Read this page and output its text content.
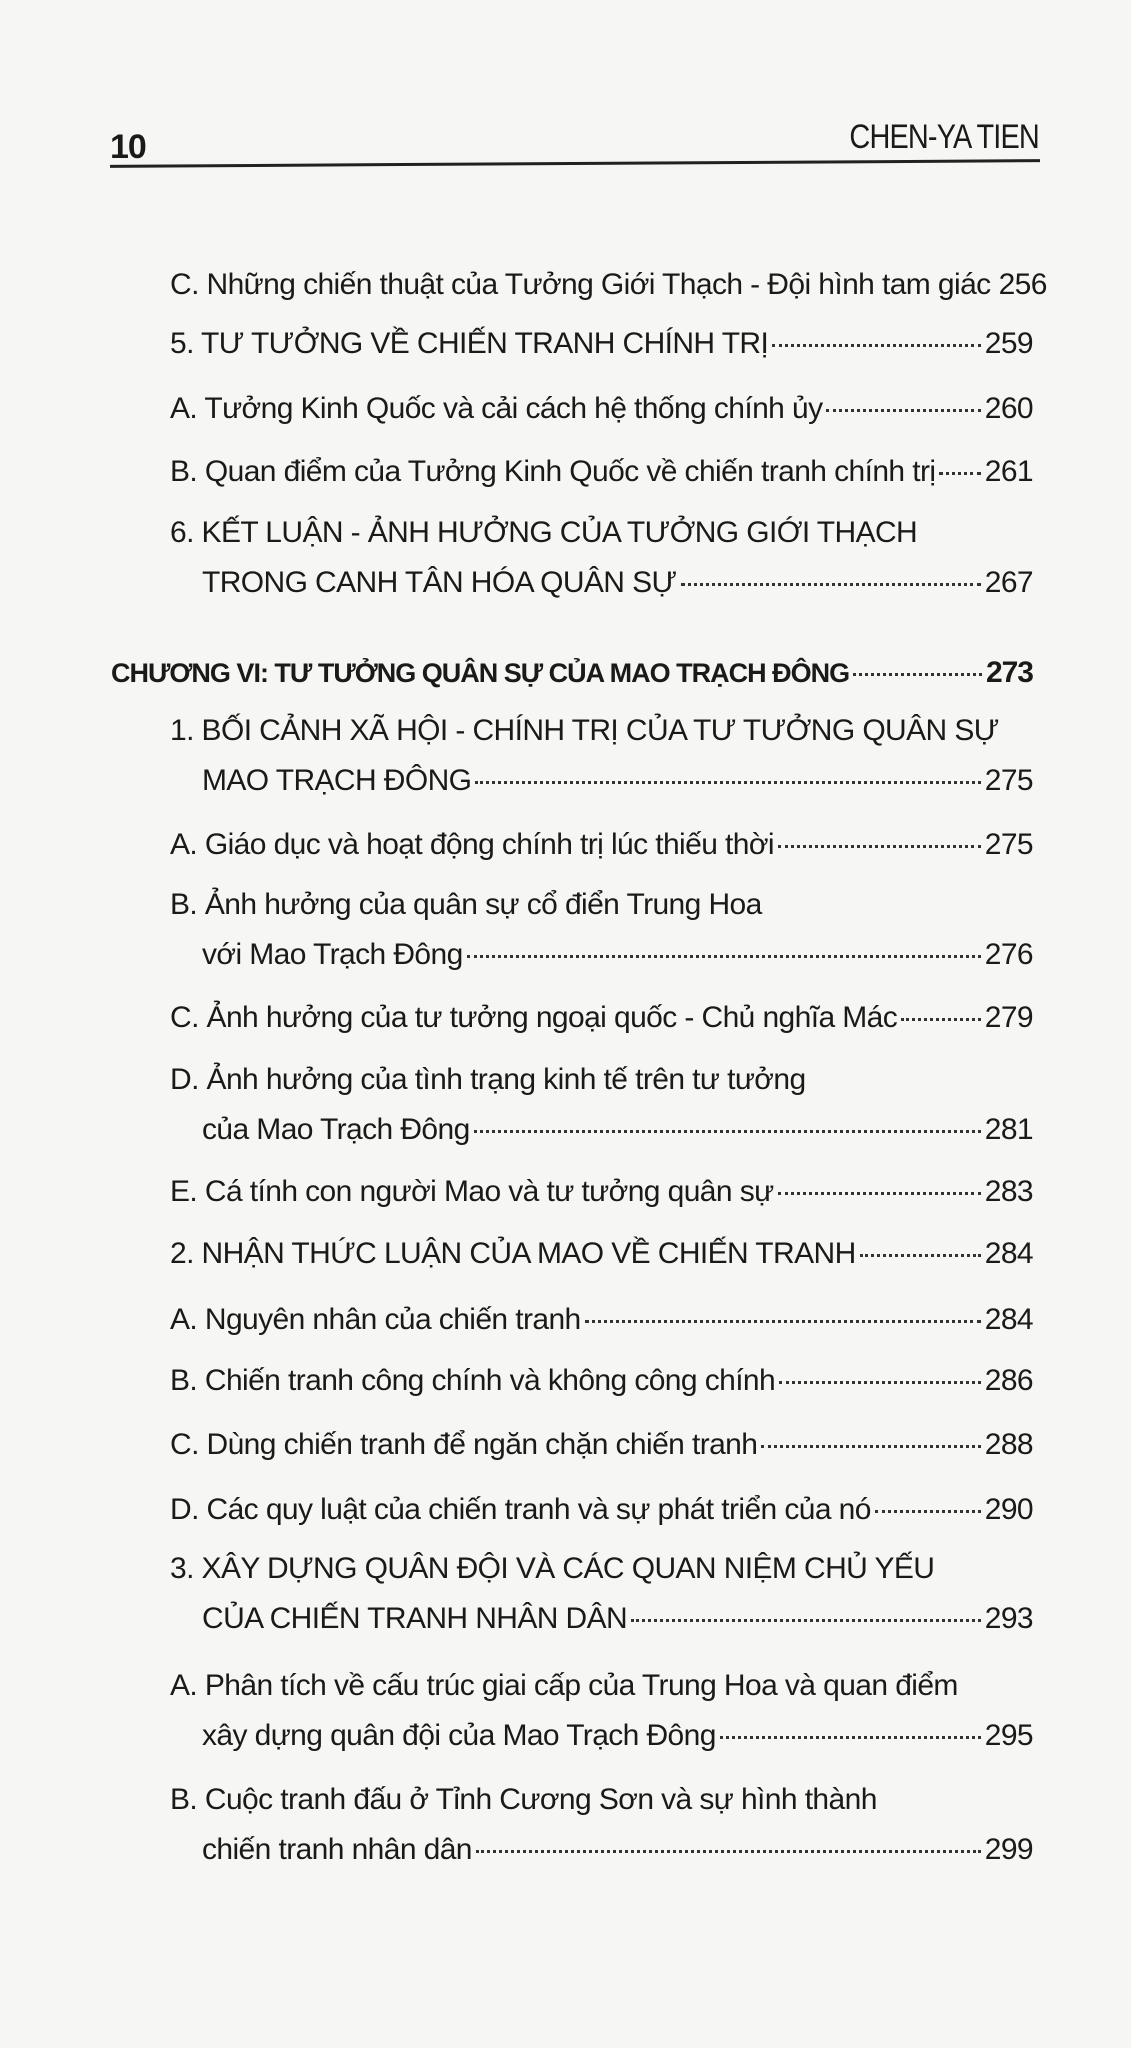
10	CHEN-YA TIEN
C. Những chiến thuật của Tưởng Giới Thạch - Đội hình tam giác 256
5. TƯ TƯỞNG VỀ CHIẾN TRANH CHÍNH TRỊ	259
A. Tưởng Kinh Quốc và cải cách hệ thống chính ủy	260
B. Quan điểm của Tưởng Kinh Quốc về chiến tranh chính trị 261
6. KẾT LUẬN - ẢNH HƯỞNG CỦA TƯỞNG GIỚI THẠCH
TRONG CANH TÂN HÓA QUÂN SỰ	267
CHƯƠNG VI: TƯ TƯỞNG QUÂN SỰ CỦA MAO TRẠCH ĐÔNG	273
1. BỐI CẢNH XÃ HỘI - CHÍNH TRỊ CỦA TƯ TƯỞNG QUÂN SỰ
MAO TRẠCH ĐÔNG	275
A. Giáo dục và hoạt động chính trị lúc thiếu thời	275
B. Ảnh hưởng của quân sự cổ điển Trung Hoa
với Mao Trạch Đông	276
C. Ảnh hưởng của tư tưởng ngoại quốc - Chủ nghĩa Mác	279
D. Ảnh hưởng của tình trạng kinh tế trên tư tưởng
của Mao Trạch Đông	281
E. Cá tính con người Mao và tư tưởng quân sự	283
2. NHẬN THỨC LUẬN CỦA MAO VỀ CHIẾN TRANH	284
A. Nguyên nhân của chiến tranh	284
B. Chiến tranh công chính và không công chính	286
C. Dùng chiến tranh để ngăn chặn chiến tranh	288
D. Các quy luật của chiến tranh và sự phát triển của nó	290
3. XÂY DỰNG QUÂN ĐỘI VÀ CÁC QUAN NIỆM CHỦ YẾU
CỦA CHIẾN TRANH NHÂN DÂN	293
A. Phân tích về cấu trúc giai cấp của Trung Hoa và quan điểm
xây dựng quân đội của Mao Trạch Đông	295
B. Cuộc tranh đấu ở Tỉnh Cương Sơn và sự hình thành
chiến tranh nhân dân	299
